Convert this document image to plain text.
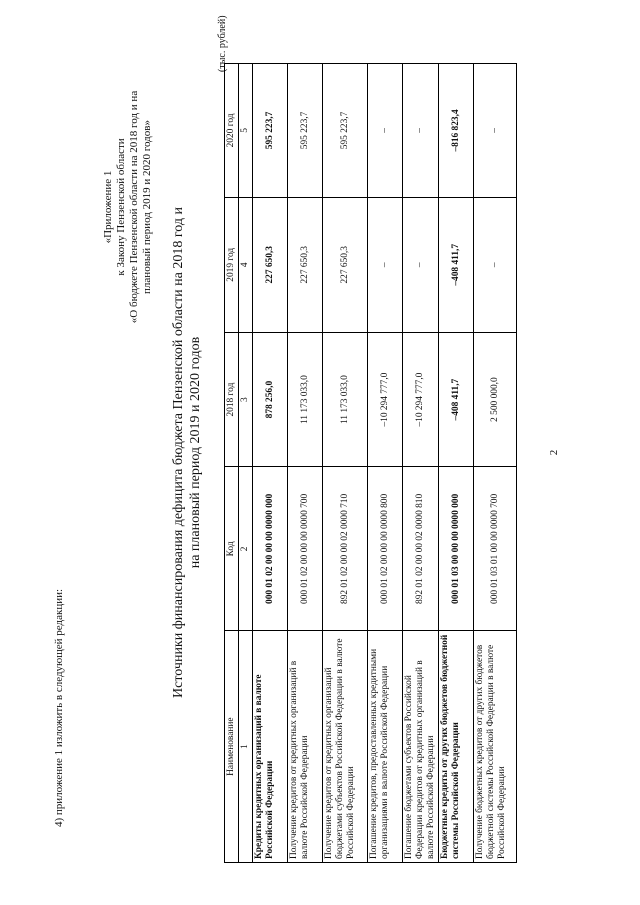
2
4) приложение 1 изложить в следующей редакции:
«Приложение 1 к Закону Пензенской области «О бюджете Пензенской области на 2018 год и на плановый период 2019 и 2020 годов»
Источники финансирования дефицита бюджета Пензенской области на 2018 год и на плановый период 2019 и 2020 годов
(тыс. рублей)
Наименование	Код	2018 год	2019 год	2020 год
1	2	3	4	5
Кредиты кредитных организаций в валюте Российской Федерации	000 01 02 00 00 00 0000 000	878 256,0	227 650,3	595 223,7
Получение кредитов от кредитных организаций в валюте Российской Федерации	000 01 02 00 00 00 0000 700	11 173 033,0	227 650,3	595 223,7
Получение кредитов от кредитных организаций бюджетами субъектов Российской Федерации в валюте Российской Федерации	892 01 02 00 00 02 0000 710	11 173 033,0	227 650,3	595 223,7
Погашение кредитов, предоставленных кредитными организациями в валюте Российской Федерации	000 01 02 00 00 00 0000 800	–10 294 777,0	–	–
Погашение бюджетами субъектов Российской Федерации кредитов от кредитных организаций в валюте Российской Федерации	892 01 02 00 00 02 0000 810	–10 294 777,0	–	–
Бюджетные кредиты от других бюджетов бюджетной системы Российской Федерации	000 01 03 00 00 00 0000 000	–408 411,7	–408 411,7	–816 823,4
Получение бюджетных кредитов от других бюджетов бюджетной системы Российской Федерации в валюте Российской Федерации	000 01 03 01 00 00 0000 700	2 500 000,0	–	–
